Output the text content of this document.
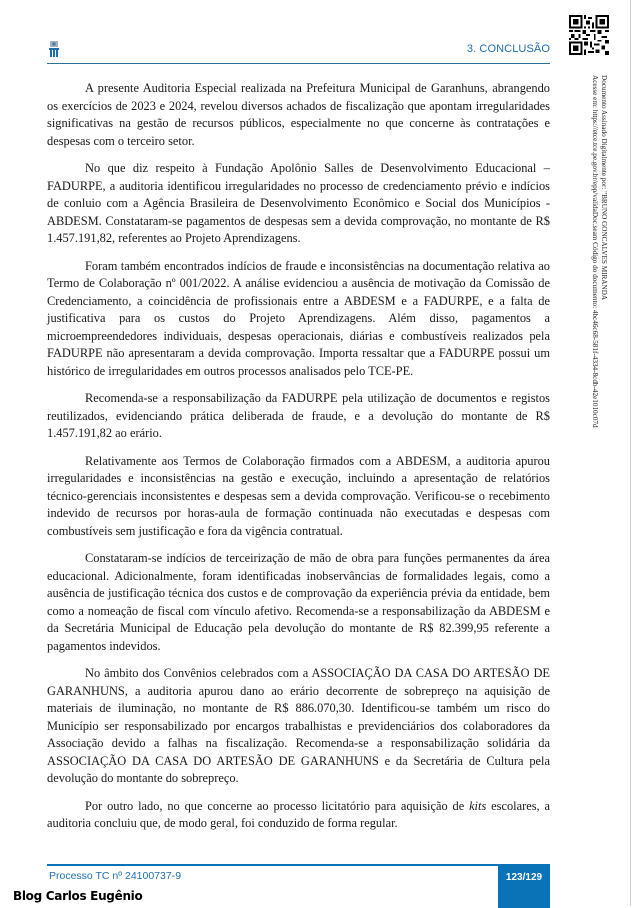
3. CONCLUSÃO
Documento Assinado Digitalmente por: "BRUNO GONCALVES MIRANDA
Acesse em: https://etce.tce.pe.gov.br/epp/validaDoc.seam Código do documento: 4bc46c68-581f-4334-8cdb-42e1010c07d

A presente Auditoria Especial realizada na Prefeitura Municipal de Garanhuns, abrangendo os exercícios de 2023 e 2024, revelou diversos achados de fiscalização que apontam irregularidades significativas na gestão de recursos públicos, especialmente no que concerne às contratações e despesas com o terceiro setor.

No que diz respeito à Fundação Apolônio Salles de Desenvolvimento Educacional – FADURPE, a auditoria identificou irregularidades no processo de credenciamento prévio e indícios de conluio com a Agência Brasileira de Desenvolvimento Econômico e Social dos Municípios - ABDESM. Constataram-se pagamentos de despesas sem a devida comprovação, no montante de R$ 1.457.191,82, referentes ao Projeto Aprendizagens.

Foram também encontrados indícios de fraude e inconsistências na documentação relativa ao Termo de Colaboração nº 001/2022. A análise evidenciou a ausência de motivação da Comissão de Credenciamento, a coincidência de profissionais entre a ABDESM e a FADURPE, e a falta de justificativa para os custos do Projeto Aprendizagens. Além disso, pagamentos a microempreendedores individuais, despesas operacionais, diárias e combustíveis realizados pela FADURPE não apresentaram a devida comprovação. Importa ressaltar que a FADURPE possui um histórico de irregularidades em outros processos analisados pelo TCE-PE.

Recomenda-se a responsabilização da FADURPE pela utilização de documentos e registos reutilizados, evidenciando prática deliberada de fraude, e a devolução do montante de R$ 1.457.191,82 ao erário.

Relativamente aos Termos de Colaboração firmados com a ABDESM, a auditoria apurou irregularidades e inconsistências na gestão e execução, incluindo a apresentação de relatórios técnico-gerenciais inconsistentes e despesas sem a devida comprovação. Verificou-se o recebimento indevido de recursos por horas-aula de formação continuada não executadas e despesas com combustíveis sem justificação e fora da vigência contratual.

Constataram-se indícios de terceirização de mão de obra para funções permanentes da área educacional. Adicionalmente, foram identificadas inobservâncias de formalidades legais, como a ausência de justificação técnica dos custos e de comprovação da experiência prévia da entidade, bem como a nomeação de fiscal com vínculo afetivo. Recomenda-se a responsabilização da ABDESM e da Secretária Municipal de Educação pela devolução do montante de R$ 82.399,95 referente a pagamentos indevidos.

No âmbito dos Convênios celebrados com a ASSOCIAÇÃO DA CASA DO ARTESÃO DE GARANHUNS, a auditoria apurou dano ao erário decorrente de sobrepreço na aquisição de materiais de iluminação, no montante de R$ 886.070,30. Identificou-se também um risco do Município ser responsabilizado por encargos trabalhistas e previdenciários dos colaboradores da Associação devido a falhas na fiscalização. Recomenda-se a responsabilização solidária da ASSOCIAÇÃO DA CASA DO ARTESÃO DE GARANHUNS e da Secretária de Cultura pela devolução do montante do sobrepreço.

Por outro lado, no que concerne ao processo licitatório para aquisição de kits escolares, a auditoria concluiu que, de modo geral, foi conduzido de forma regular.

Processo TC nº 24100737-9	123/129
Blog Carlos Eugênio
